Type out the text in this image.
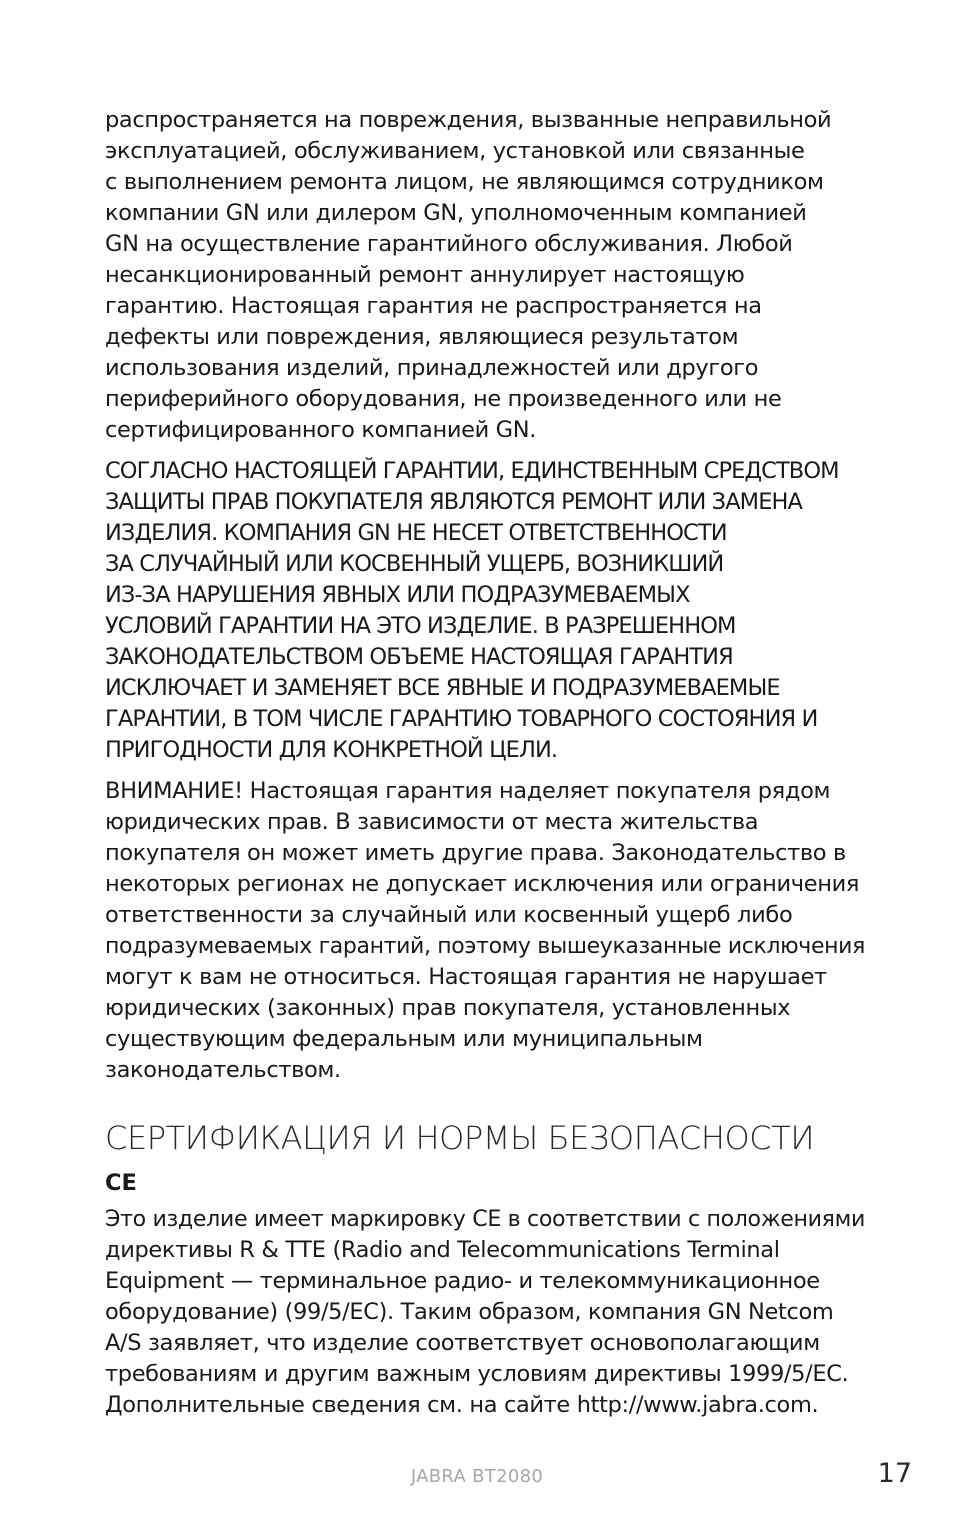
распространяется на повреждения, вызванные неправильной
эксплуатацией, обслуживанием, установкой или связанные
с выполнением ремонта лицом, не являющимся сотрудником
компании GN или дилером GN, уполномоченным компанией
GN на осуществление гарантийного обслуживания. Любой
несанкционированный ремонт аннулирует настоящую
гарантию. Настоящая гарантия не распространяется на
дефекты или повреждения, являющиеся результатом
использования изделий, принадлежностей или другого
периферийного оборудования, не произведенного или не
сертифицированного компанией GN.

СОГЛАСНО НАСТОЯЩЕЙ ГАРАНТИИ, ЕДИНСТВЕННЫМ СРЕДСТВОМ
ЗАЩИТЫ ПРАВ ПОКУПАТЕЛЯ ЯВЛЯЮТСЯ РЕМОНТ ИЛИ ЗАМЕНА
ИЗДЕЛИЯ. КОМПАНИЯ GN НЕ НЕСЕТ ОТВЕТСТВЕННОСТИ
ЗА СЛУЧАЙНЫЙ ИЛИ КОСВЕННЫЙ УЩЕРБ, ВОЗНИКШИЙ
ИЗ-ЗА НАРУШЕНИЯ ЯВНЫХ ИЛИ ПОДРАЗУМЕВАЕМЫХ
УСЛОВИЙ ГАРАНТИИ НА ЭТО ИЗДЕЛИЕ. В РАЗРЕШЕННОМ
ЗАКОНОДАТЕЛЬСТВОМ ОБЪЕМЕ НАСТОЯЩАЯ ГАРАНТИЯ
ИСКЛЮЧАЕТ И ЗАМЕНЯЕТ ВСЕ ЯВНЫЕ И ПОДРАЗУМЕВАЕМЫЕ
ГАРАНТИИ, В ТОМ ЧИСЛЕ ГАРАНТИЮ ТОВАРНОГО СОСТОЯНИЯ И
ПРИГОДНОСТИ ДЛЯ КОНКРЕТНОЙ ЦЕЛИ.

ВНИМАНИЕ! Настоящая гарантия наделяет покупателя рядом
юридических прав. В зависимости от места жительства
покупателя он может иметь другие права. Законодательство в
некоторых регионах не допускает исключения или ограничения
ответственности за случайный или косвенный ущерб либо
подразумеваемых гарантий, поэтому вышеуказанные исключения
могут к вам не относиться. Настоящая гарантия не нарушает
юридических (законных) прав покупателя, установленных
существующим федеральным или муниципальным
законодательством.

СЕРТИФИКАЦИЯ И НОРМЫ БЕЗОПАСНОСТИ
CE

Это изделие имеет маркировку CE в соответствии с положениями
директивы R & TTE (Radio and Telecommunications Terminal
Equipment — терминальное радио- и телекоммуникационное
оборудование) (99/5/EC). Таким образом, компания GN Netcom
A/S заявляет, что изделие соответствует основополагающим
требованиям и другим важным условиям директивы 1999/5/EC.
Дополнительные сведения см. на сайте http://www.jabra.com.

JABRA BT2080	17
